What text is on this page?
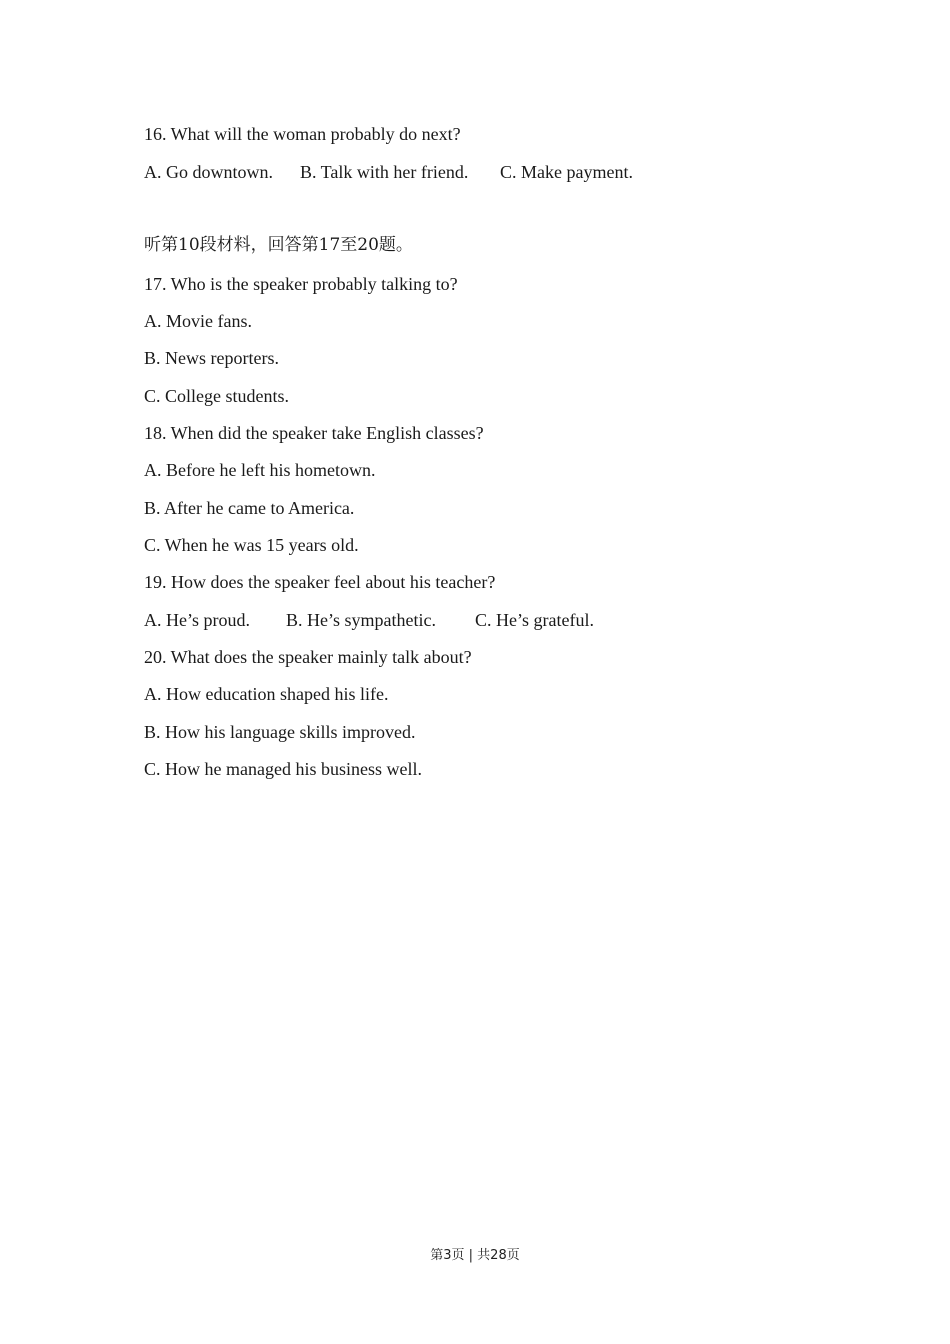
16. What will the woman probably do next?
A. Go downtown. B. Talk with her friend. C. Make payment.
听第10段材料，回答第17至20题。
17. Who is the speaker probably talking to?
A. Movie fans.
B. News reporters.
C. College students.
18. When did the speaker take English classes?
A. Before he left his hometown.
B. After he came to America.
C. When he was 15 years old.
19. How does the speaker feel about his teacher?
A. He’s proud. B. He’s sympathetic. C. He’s grateful.
20. What does the speaker mainly talk about?
A. How education shaped his life.
B. How his language skills improved.
C. How he managed his business well.
第3页 | 共28页
